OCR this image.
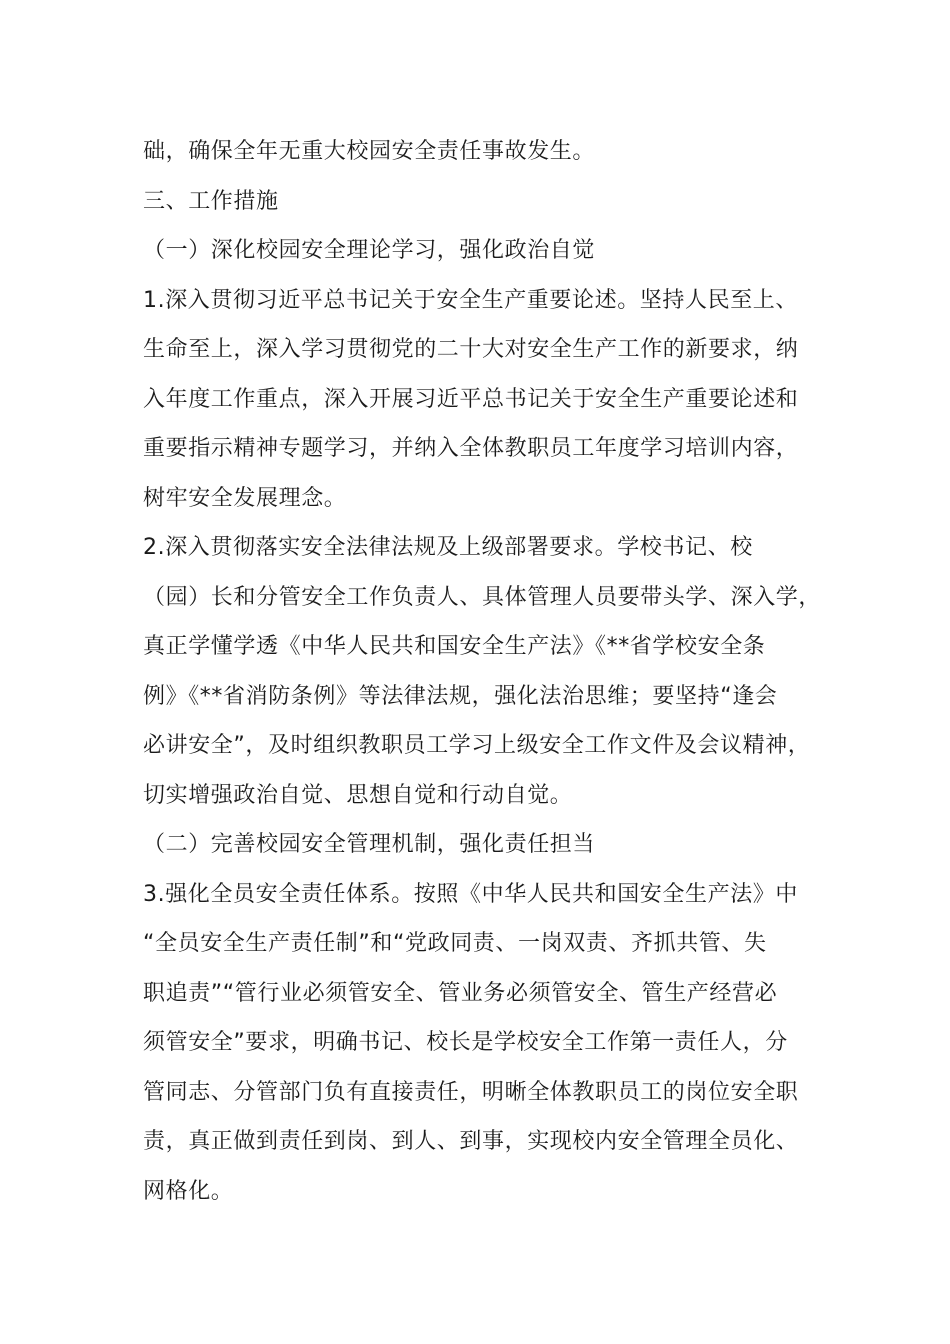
础，确保全年无重大校园安全责任事故发生。
三、工作措施
（一）深化校园安全理论学习，强化政治自觉
1.深入贯彻习近平总书记关于安全生产重要论述。坚持人民至上、
生命至上，深入学习贯彻党的二十大对安全生产工作的新要求，纳
入年度工作重点，深入开展习近平总书记关于安全生产重要论述和
重要指示精神专题学习，并纳入全体教职员工年度学习培训内容，
树牢安全发展理念。
2.深入贯彻落实安全法律法规及上级部署要求。学校书记、校
（园）长和分管安全工作负责人、具体管理人员要带头学、深入学，
真正学懂学透《中华人民共和国安全生产法》《**省学校安全条
例》《**省消防条例》等法律法规，强化法治思维；要坚持“逢会
必讲安全”，及时组织教职员工学习上级安全工作文件及会议精神，
切实增强政治自觉、思想自觉和行动自觉。
（二）完善校园安全管理机制，强化责任担当
3.强化全员安全责任体系。按照《中华人民共和国安全生产法》中
“全员安全生产责任制”和“党政同责、一岗双责、齐抓共管、失
职追责”“管行业必须管安全、管业务必须管安全、管生产经营必
须管安全”要求，明确书记、校长是学校安全工作第一责任人，分
管同志、分管部门负有直接责任，明晰全体教职员工的岗位安全职
责，真正做到责任到岗、到人、到事，实现校内安全管理全员化、
网格化。
